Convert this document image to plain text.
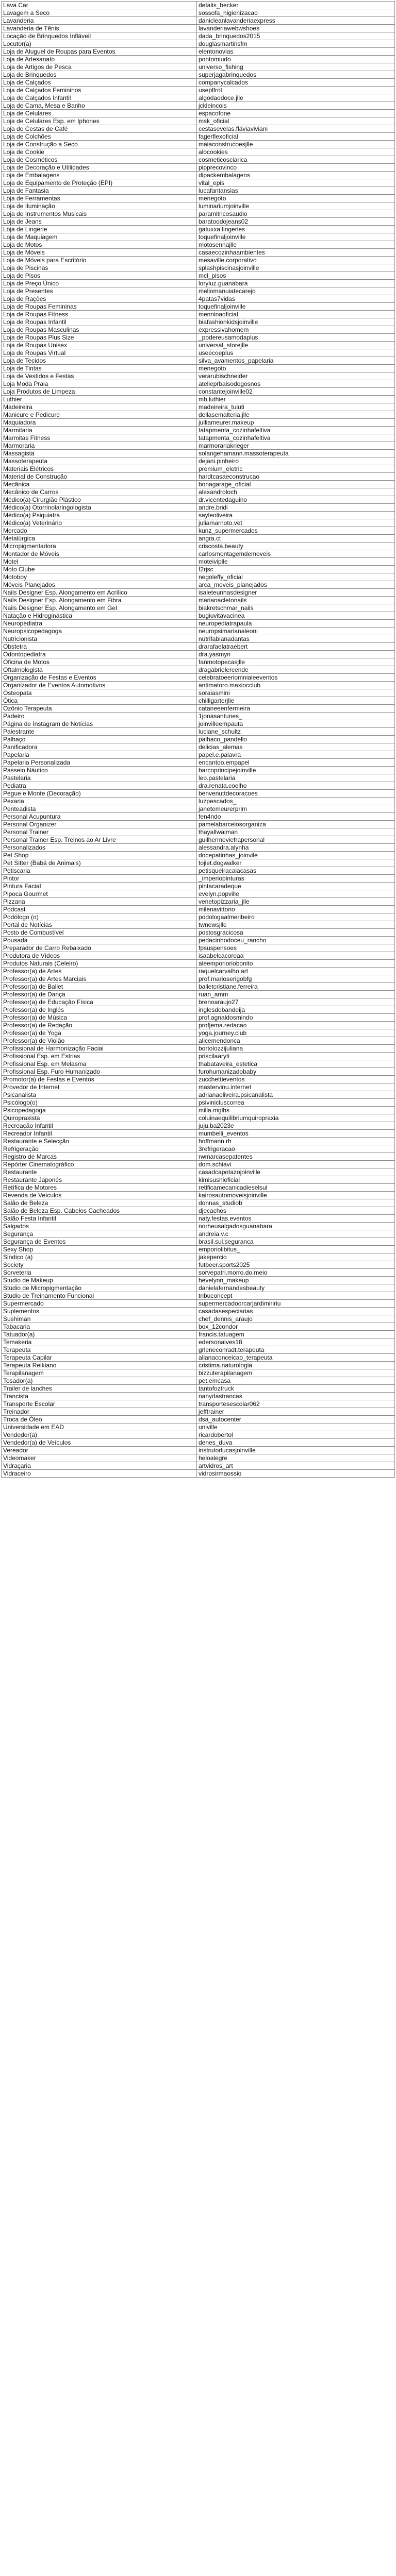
Lava Car	detalis_becker
Lavagem a Seco	sossofa_higienizacao
Lavanderia	danicleanlavanderiaexpress
Lavanderia de Tênis	lavanderiawebwshoes
Locação de Brinquedos Infláveil	dada_brinquedos2015
Locutor(a)	douglasmartinsfm
Loja de Aluguel de Roupas para Eventos	elentonovias
Loja de Artesanato	pontomiudo
Loja de Artigos de Pesca	universo_fishing
Loja de Brinquedos	superjagabrinquedos
Loja de Calçados	companycalcados
Loja de Calçados Femininos	useplfrol
Loja de Calçados Infantil	algodaodoce.jlle
Loja de Cama, Mesa e Banho	jckleincois
Loja de Celulares	espacofone
Loja de Celulares Esp. em Iphones	msk_oficial
Loja de Cestas de Café	cestasevelas.fláviaviviani
Loja de Colchões	fagerflexoficial
Loja de Construção a Seco	maiaconstrucoesjlle
Loja de Cookie	alocookies
Loja de Cosméticos	cosmeticosciarica
Loja de Decoração e Utilidades	pipprecovinco
Loja de Embalagens	dipackembalagens
Loja de Equipamento de Proteção (EPI)	vital_epis
Loja de Fantasia	lucafantansias
Loja de Ferramentas	menegoto
Loja de Iluminação	luminariumjoinville
Loja de Instrumentos Musicais	paramitricosaudio
Loja de Jeans	baratoodojeans02
Loja de Lingerie	gatuxxa.lingeries
Loja de Maquiagem	toquefinaljoinville
Loja de Motos	motosennajlle
Loja de Móveis	casaecozinhaambientes
Loja de Móveis para Escritório	mesaville.corporativo
Loja de Piscinas	splashpiscinasjoinville
Loja de Pisos	mcl_pisos
Loja de Preço Único	loryluz.guanabara
Loja de Presentes	meliomanuiatecarejo
Loja de Rações	4patas7vidas
Loja de Roupas Femininas	toquefinaljoinville
Loja de Roupas Fitness	menninaoficial
Loja de Roupas Infantil	biafashionkidsjoinville
Loja de Roupas Masculinas	expressivahomem
Loja de Roupas Plus Size	_podereusamodaplus
Loja de Roupas Unisex	universal_storejlle
Loja de Roupas Virtual	useecoeplus
Loja de Tecidos	silva_avamentos_papelaria
Loja de Tintas	menegoto
Loja de Vestidos e Festas	verarubischneider
Loja Moda Praia	atelieprbaisodogosnos
Loja Produtos de Limpeza	constantejoinville02
Luthier	mh.luthier
Madeireira	madeireira_tuiuti
Manicure e Pedicure	dellasemalteria.jlle
Maquiadora	julliameurer.makeup
Marmitaria	tatapmenta_cozinhafeltiva
Marmitas Fitness	tatapmenta_cozinhafeltiva
Marmoraria	marmorariakrieger
Massagista	solangehamann.massoterapeuta
Massoterapeuta	dejani.pinheiro
Materiais Elétricos	premium_eletric
Material de Construção	hardtcasaeconstrucao
Mecânica	bonagarage_oficial
Mecânico de Carros	alexandroloch
Médico(a) Cirurgião Plástico	dr.vicentedaguino
Médico(a) Otorrinolaringologista	andre.bridi
Médico(a) Psiquiatra	sayleoliveira
Médico(a) Veterinário	juliamarnoto.vet
Mercado	kunz_supermercados
Metalúrgica	angra.ct
Micropigmentadora	criscosta.beauty
Montador de Móveis	carlosmontagemdemoveis
Motel	moteiviplle
Moto Clube	f2rjsc
Motoboy	negoleffy_oficial
Móveis Planejados	arca_moveis_planejados
Nails Designer Esp. Alongamento em Acrílico	isaleteunhasdesigner
Nails Designer Esp. Alongamento em Fibra	marianacletonails
Nails Designer Esp. Alongamento em Gel	biakretschmar_nails
Natação e Hidroginástica	bugiuvitavacinea
Neuropediatra	neuropediatrapaula
Neuropsicopedagoga	neuropsimarianaleoni
Nutricionista	nutrifabianadantas
Obstetra	drarafaelatraebert
Odontopediatra	dra.yasmyn
Oficina de Motos	fanmotopecasjlle
Oftalmologista	dragabrielercende
Organização de Festas e Eventos	celebratoeeriomnialeeventos
Organizador de Eventos Automotivos	antimatoro.maxiocclub
Osteopata	soraiasmini
Ótica	chilligarterjlle
Ozônio Terapeuta	cataneeenfermeira
Padeiro	1jonasantunes_
Página de Instagram de Notícias	joinvilleempauta
Palestrante	luciane_schultz
Palhaço	palhaco_pandello
Panificadora	delicias_alemas
Papelaria	papel.e.palavra
Papelaria Personalizada	encantoo.empapel
Passeio Náutico	barcoprincipejoinville
Pastelaria	leo.pastelaria
Pediatra	dra.renata.coelho
Pegue e Monte (Decoração)	benvenuttdecoracoes
Pexaria	luzpescados_
Penteadista	janetemeurerprim
Personal Acupuntura	fen4ndo
Personal Organizer	pamelabarcelosorganiza
Personal Trainer	thayallwaiman
Personal Trainer Esp. Treinos ao Ar Livre	guilhermeviefrapersonal
Personalizados	alessandra.alynha
Pet Shop	docepatinhas_joinvile
Pet Sitter (Babá de Animais)	tojiet.dogwalker
Petiscaria	petisqueiracaiacasas
Pintor	_imperiopinturas
Pintura Facial	pintacaradeque
Pipoca Gourmet	evelyn.popville
Pizzaria	venetopizzaria_jlle
Podcast	milenavittorio
Podólogo (o)	podologaalmeribeiro
Portal de Notícias	twnewsjlle
Posto de Combustível	postosgracicosa
Pousada	pedacinhodoceu_rancho
Preparador de Carro Rebaixado	fpsuspensoes
Produtora de Vídeos	isaabelcacoreaa
Produtos Naturais (Celeiro)	aleemporioriobonito
Professor(a) de Artes	raquelcarvalho.art
Professor(a) de Artes Marciais	prof.marioserigobfg
Professor(a) de Ballet	balletcristiane.ferreira
Professor(a) de Dança	ruan_amm
Professor(a) de Educação Física	brenoaraujo27
Professor(a) de Inglês	inglesdebandeija
Professor(a) de Música	prof.agnaldosmindo
Professor(a) de Redação	profjema.redacao
Professor(a) de Yoga	yoga.journey.club
Professor(a) de Violão	alicemendonca
Profissional de Harmonização Facial	bortolozzijuliana
Profissional Esp. em Estrias	priscilaaryti
Profissional Esp. em Melasma	thabataveira_estetica
Profissional Esp. Furo Humanizado	furohumanizadobaby
Promotor(a) de Festas e Eventos	zucchettieventos
Provedor de Internet	mastervinu.internet
Psicanalista	adrianaoliveira.psicanalista
Psicólogo(o)	psivinicluscorrea
Psicopedagoga	milla.mglhs
Quiropraxista	coluinaequilibriumquiropraxia
Recreação Infantil	juju.ba2023e
Recreador Infantil	mumbelli_eventos
Restaurante e Selecção	hoffmann.rh
Refrigeração	3refrigeracao
Registro de Marcas	rwmarcasepatentes
Repórter Cinematográfico	dom.schiavi
Restaurante	casadcapotazojoinville
Restaurante Japonês	kimisushioficial
Retífica de Motores	retificamecanicadieselsul
Revenda de Veículos	kairosautomoveisjoinville
Salão de Beleza	donnas_studiob
Salão de Beleza Esp. Cabelos Cacheados	djecachos
Salão Festa Infantil	naty.festas.eventos
Salgados	norheusalgadosguanabara
Segurança	andreia.v.c
Segurança de Eventos	brasil.sul.seguranca
Sexy Shop	emporiolibitus_
Sindico (a)	jakepercio
Society	futbeer.sports2025
Sorveteria	sorvepatri.morro.do.meio
Studio de Makeup	hevelynn_makeup
Studio de Micropigmentação	danielafernandesbeauty
Studio de Treinamento Funcional	tribuconcept
Supermercado	supermercadoorcarjardimiririu
Suplementos	casadasespeciarias
Sushiman	chef_dennis_araujo
Tabacaria	box_12condor
Tatuador(a)	francis.tatuagem
Temakeria	edersonalves18
Terapeuta	grleneconradt.terapeuta
Terapeuta Capilar	allanaconceicao_terapeuta
Terapeuta Reikiano	cristima.naturologia
Terapilanagem	bizzuterapilanagem
Tosador(a)	pet.emcasa
Trailer de lanches	tantofoztruck
Trancista	nanydastrancas
Transporte Escolar	transportesescolar062
Treinador	jefftrainer
Troca de Óleo	dsa_autocenter
Universidade em EAD	univille
Vendedor(a)	ricardobertol
Vendedor(a) de Veículos	denes_duva
Vereador	instrutorlucasjoinville
Videomaker	heloalegre
Vidraçaria	artvidros_art
Vidraceiro	vidrosirmaossio
